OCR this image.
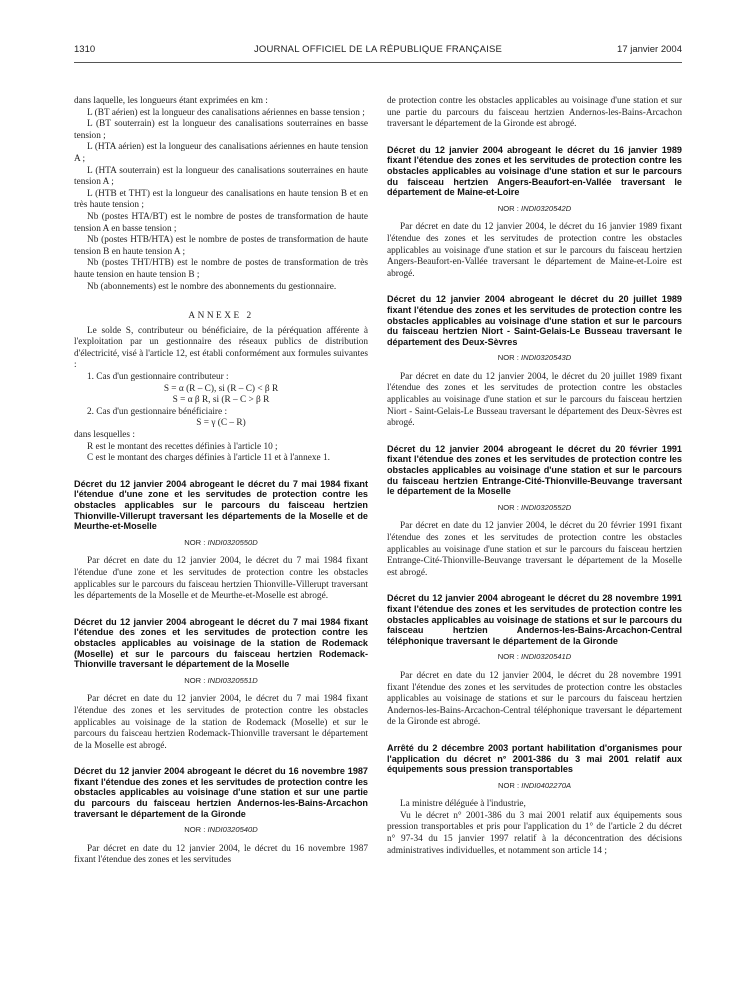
1310	JOURNAL OFFICIEL DE LA RÉPUBLIQUE FRANÇAISE	17 janvier 2004

dans laquelle, les longueurs étant exprimées en km :

L (BT aérien) est la longueur des canalisations aériennes en basse tension ;

L (BT souterrain) est la longueur des canalisations souterraines en basse tension ;

L (HTA aérien) est la longueur des canalisations aériennes en haute tension A ;

L (HTA souterrain) est la longueur des canalisations souterraines en haute tension A ;

L (HTB et THT) est la longueur des canalisations en haute tension B et en très haute tension ;

Nb (postes HTA/BT) est le nombre de postes de transformation de haute tension A en basse tension ;

Nb (postes HTB/HTA) est le nombre de postes de transformation de haute tension B en haute tension A ;

Nb (postes THT/HTB) est le nombre de postes de transformation de très haute tension en haute tension B ;

Nb (abonnements) est le nombre des abonnements du gestionnaire.

ANNEXE 2

Le solde S, contributeur ou bénéficiaire, de la péréquation afférente à l'exploitation par un gestionnaire des réseaux publics de distribution d'électricité, visé à l'article 12, est établi conformément aux formules suivantes :

1. Cas d'un gestionnaire contributeur :

S = α (R – C), si (R – C) < β R

S = α β R, si (R – C > β R

2. Cas d'un gestionnaire bénéficiaire :

S = γ (C – R)

dans lesquelles :

R est le montant des recettes définies à l'article 10 ;

C est le montant des charges définies à l'article 11 et à l'annexe 1.

Décret du 12 janvier 2004 abrogeant le décret du 7 mai 1984 fixant l'étendue d'une zone et les servitudes de protection contre les obstacles applicables sur le parcours du faisceau hertzien Thionville-Villerupt traversant les départements de la Moselle et de Meurthe-et-Moselle

NOR : INDI0320550D

Par décret en date du 12 janvier 2004, le décret du 7 mai 1984 fixant l'étendue d'une zone et les servitudes de protection contre les obstacles applicables sur le parcours du faisceau hertzien Thionville-Villerupt traversant les départements de la Moselle et de Meurthe-et-Moselle est abrogé.

Décret du 12 janvier 2004 abrogeant le décret du 7 mai 1984 fixant l'étendue des zones et les servitudes de protection contre les obstacles applicables au voisinage de la station de Rodemack (Moselle) et sur le parcours du faisceau hertzien Rodemack-Thionville traversant le département de la Moselle

NOR : INDI0320551D

Par décret en date du 12 janvier 2004, le décret du 7 mai 1984 fixant l'étendue des zones et les servitudes de protection contre les obstacles applicables au voisinage de la station de Rodemack (Moselle) et sur le parcours du faisceau hertzien Rodemack-Thionville traversant le département de la Moselle est abrogé.

Décret du 12 janvier 2004 abrogeant le décret du 16 novembre 1987 fixant l'étendue des zones et les servitudes de protection contre les obstacles applicables au voisinage d'une station et sur une partie du parcours du faisceau hertzien Andernos-les-Bains-Arcachon traversant le département de la Gironde

NOR : INDI0320540D

Par décret en date du 12 janvier 2004, le décret du 16 novembre 1987 fixant l'étendue des zones et les servitudes

de protection contre les obstacles applicables au voisinage d'une station et sur une partie du parcours du faisceau hertzien Andernos-les-Bains-Arcachon traversant le département de la Gironde est abrogé.

Décret du 12 janvier 2004 abrogeant le décret du 16 janvier 1989 fixant l'étendue des zones et les servitudes de protection contre les obstacles applicables au voisinage d'une station et sur le parcours du faisceau hertzien Angers-Beaufort-en-Vallée traversant le département de Maine-et-Loire

NOR : INDI0320542D

Par décret en date du 12 janvier 2004, le décret du 16 janvier 1989 fixant l'étendue des zones et les servitudes de protection contre les obstacles applicables au voisinage d'une station et sur le parcours du faisceau hertzien Angers-Beaufort-en-Vallée traversant le département de Maine-et-Loire est abrogé.

Décret du 12 janvier 2004 abrogeant le décret du 20 juillet 1989 fixant l'étendue des zones et les servitudes de protection contre les obstacles applicables au voisinage d'une station et sur le parcours du faisceau hertzien Niort - Saint-Gelais-Le Busseau traversant le département des Deux-Sèvres

NOR : INDI0320543D

Par décret en date du 12 janvier 2004, le décret du 20 juillet 1989 fixant l'étendue des zones et les servitudes de protection contre les obstacles applicables au voisinage d'une station et sur le parcours du faisceau hertzien Niort - Saint-Gelais-Le Busseau traversant le département des Deux-Sèvres est abrogé.

Décret du 12 janvier 2004 abrogeant le décret du 20 février 1991 fixant l'étendue des zones et les servitudes de protection contre les obstacles applicables au voisinage d'une station et sur le parcours du faisceau hertzien Entrange-Cité-Thionville-Beuvange traversant le département de la Moselle

NOR : INDI0320552D

Par décret en date du 12 janvier 2004, le décret du 20 février 1991 fixant l'étendue des zones et les servitudes de protection contre les obstacles applicables au voisinage d'une station et sur le parcours du faisceau hertzien Entrange-Cité-Thionville-Beuvange traversant le département de la Moselle est abrogé.

Décret du 12 janvier 2004 abrogeant le décret du 28 novembre 1991 fixant l'étendue des zones et les servitudes de protection contre les obstacles applicables au voisinage de stations et sur le parcours du faisceau hertzien Andernos-les-Bains-Arcachon-Central téléphonique traversant le département de la Gironde

NOR : INDI0320541D

Par décret en date du 12 janvier 2004, le décret du 28 novembre 1991 fixant l'étendue des zones et les servitudes de protection contre les obstacles applicables au voisinage de stations et sur le parcours du faisceau hertzien Andernos-les-Bains-Arcachon-Central téléphonique traversant le département de la Gironde est abrogé.

Arrêté du 2 décembre 2003 portant habilitation d'organismes pour l'application du décret n° 2001-386 du 3 mai 2001 relatif aux équipements sous pression transportables

NOR : INDI0402270A

La ministre déléguée à l'industrie,

Vu le décret n° 2001-386 du 3 mai 2001 relatif aux équipements sous pression transportables et pris pour l'application du 1° de l'article 2 du décret n° 97-34 du 15 janvier 1997 relatif à la déconcentration des décisions administratives individuelles, et notamment son article 14 ;
